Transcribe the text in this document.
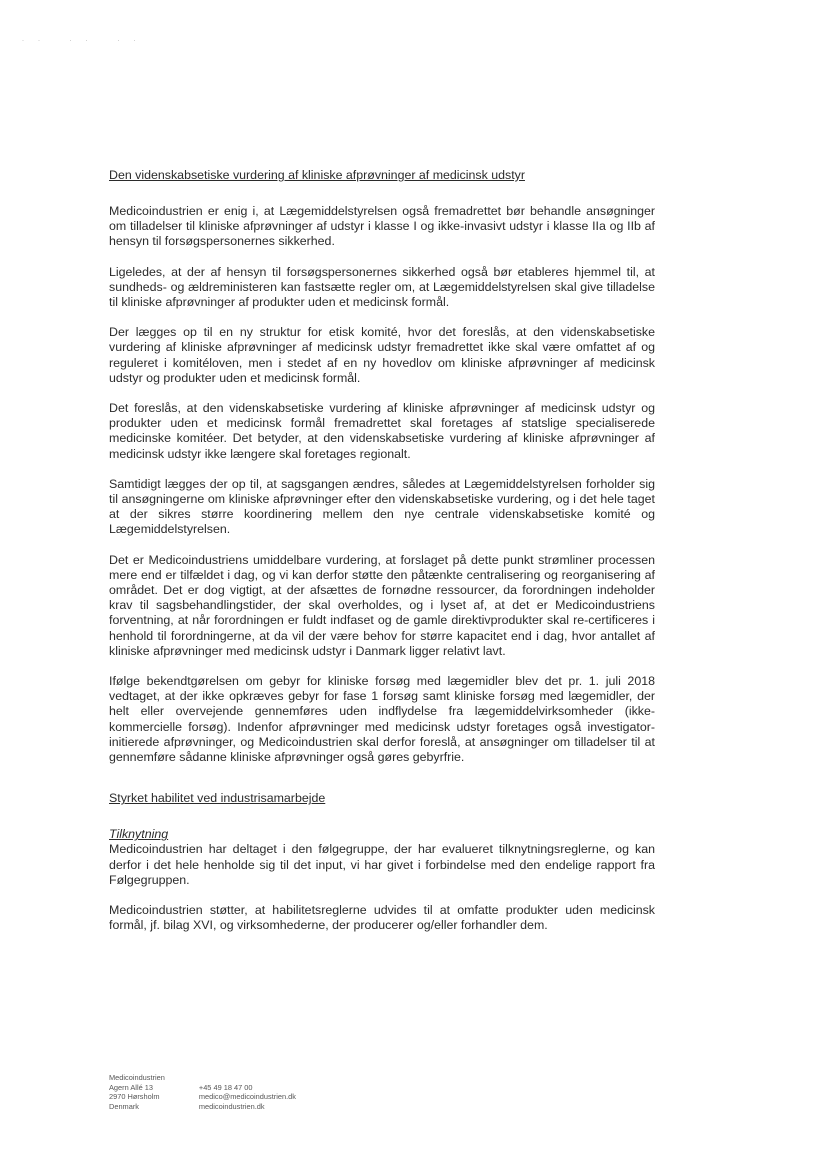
·· ·· ··
Den videnskabsetiske vurdering af kliniske afprøvninger af medicinsk udstyr

Medicoindustrien er enig i, at Lægemiddelstyrelsen også fremadrettet bør behandle ansøgninger om tilladelser til kliniske afprøvninger af udstyr i klasse I og ikke-invasivt udstyr i klasse IIa og IIb af hensyn til forsøgspersonernes sikkerhed.

Ligeledes, at der af hensyn til forsøgspersonernes sikkerhed også bør etableres hjemmel til, at sundheds- og ældreministeren kan fastsætte regler om, at Lægemiddelstyrelsen skal give tilladelse til kliniske afprøvninger af produkter uden et medicinsk formål.

Der lægges op til en ny struktur for etisk komité, hvor det foreslås, at den videnskabsetiske vurdering af kliniske afprøvninger af medicinsk udstyr fremadrettet ikke skal være omfattet af og reguleret i komitéloven, men i stedet af en ny hovedlov om kliniske afprøvninger af medicinsk udstyr og produkter uden et medicinsk formål.

Det foreslås, at den videnskabsetiske vurdering af kliniske afprøvninger af medicinsk udstyr og produkter uden et medicinsk formål fremadrettet skal foretages af statslige specialiserede medicinske komitéer. Det betyder, at den videnskabsetiske vurdering af kliniske afprøvninger af medicinsk udstyr ikke længere skal foretages regionalt.

Samtidigt lægges der op til, at sagsgangen ændres, således at Lægemiddelstyrelsen forholder sig til ansøgningerne om kliniske afprøvninger efter den videnskabsetiske vurdering, og i det hele taget at der sikres større koordinering mellem den nye centrale videnskabsetiske komité og Lægemiddelstyrelsen.

Det er Medicoindustriens umiddelbare vurdering, at forslaget på dette punkt strømliner processen mere end er tilfældet i dag, og vi kan derfor støtte den påtænkte centralisering og reorganisering af området. Det er dog vigtigt, at der afsættes de fornødne ressourcer, da forordningen indeholder krav til sagsbehandlingstider, der skal overholdes, og i lyset af, at det er Medicoindustriens forventning, at når forordningen er fuldt indfaset og de gamle direktivprodukter skal re-certificeres i henhold til forordningerne, at da vil der være behov for større kapacitet end i dag, hvor antallet af kliniske afprøvninger med medicinsk udstyr i Danmark ligger relativt lavt.

Ifølge bekendtgørelsen om gebyr for kliniske forsøg med lægemidler blev det pr. 1. juli 2018 vedtaget, at der ikke opkræves gebyr for fase 1 forsøg samt kliniske forsøg med lægemidler, der helt eller overvejende gennemføres uden indflydelse fra lægemiddelvirksomheder (ikke-kommercielle forsøg). Indenfor afprøvninger med medicinsk udstyr foretages også investigator-initierede afprøvninger, og Medicoindustrien skal derfor foreslå, at ansøgninger om tilladelser til at gennemføre sådanne kliniske afprøvninger også gøres gebyrfrie.

Styrket habilitet ved industrisamarbejde
Tilknytning

Medicoindustrien har deltaget i den følgegruppe, der har evalueret tilknytningsreglerne, og kan derfor i det hele henholde sig til det input, vi har givet i forbindelse med den endelige rapport fra Følgegruppen.

Medicoindustrien støtter, at habilitetsreglerne udvides til at omfatte produkter uden medicinsk formål, jf. bilag XVI, og virksomhederne, der producerer og/eller forhandler dem.

Medicoindustrien
Agern Allé 13
2970 Hørsholm
Denmark

+45 49 18 47 00
medico@medicoindustrien.dk
medicoindustrien.dk
